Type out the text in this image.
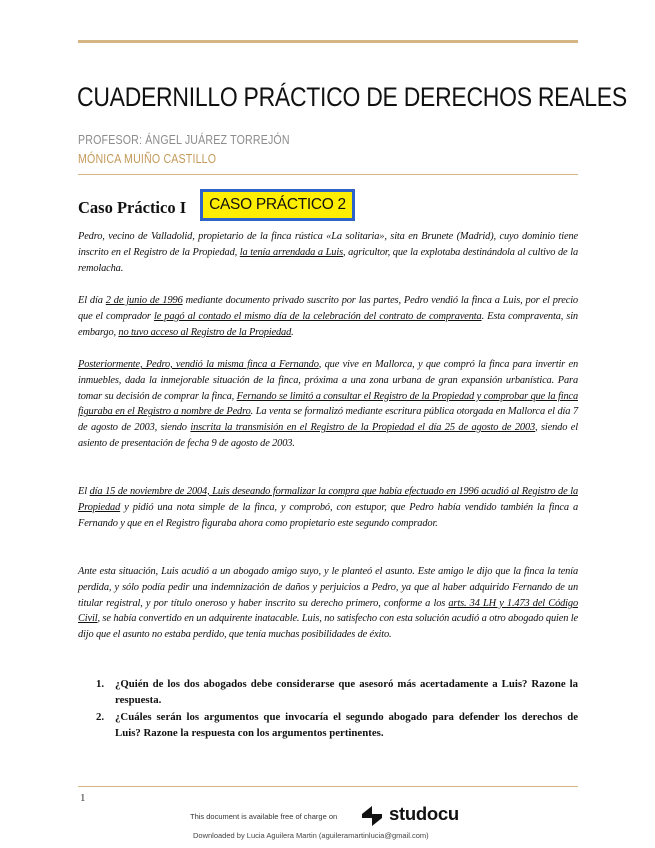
CUADERNILLO PRÁCTICO DE DERECHOS REALES
PROFESOR: ÁNGEL JUÁREZ TORREJÓN
MÓNICA MUIÑO CASTILLO
Caso Práctico I	CASO PRÁCTICO 2

Pedro, vecino de Valladolid, propietario de la finca rústica «La solitaria», sita en Brunete (Madrid), cuyo dominio tiene inscrito en el Registro de la Propiedad, la tenía arrendada a Luis, agricultor, que la explotaba destinándola al cultivo de la remolacha.

El día 2 de junio de 1996 mediante documento privado suscrito por las partes, Pedro vendió la finca a Luis, por el precio que el comprador le pagó al contado el mismo día de la celebración del contrato de compraventa. Esta compraventa, sin embargo, no tuvo acceso al Registro de la Propiedad.

Posteriormente, Pedro, vendió la misma finca a Fernando, que vive en Mallorca, y que compró la finca para invertir en inmuebles, dada la inmejorable situación de la finca, próxima a una zona urbana de gran expansión urbanística. Para tomar su decisión de comprar la finca, Fernando se limitó a consultar el Registro de la Propiedad y comprobar que la finca figuraba en el Registro a nombre de Pedro. La venta se formalizó mediante escritura pública otorgada en Mallorca el día 7 de agosto de 2003, siendo inscrita la transmisión en el Registro de la Propiedad el día 25 de agosto de 2003, siendo el asiento de presentación de fecha 9 de agosto de 2003.

El día 15 de noviembre de 2004, Luis deseando formalizar la compra que había efectuado en 1996 acudió al Registro de la Propiedad y pidió una nota simple de la finca, y comprobó, con estupor, que Pedro había vendido también la finca a Fernando y que en el Registro figuraba ahora como propietario este segundo comprador.

Ante esta situación, Luis acudió a un abogado amigo suyo, y le planteó el asunto. Este amigo le dijo que la finca la tenía perdida, y sólo podía pedir una indemnización de daños y perjuicios a Pedro, ya que al haber adquirido Fernando de un titular registral, y por título oneroso y haber inscrito su derecho primero, conforme a los arts. 34 LH y 1.473 del Código Civil, se había convertido en un adquirente inatacable. Luis, no satisfecho con esta solución acudió a otro abogado quien le dijo que el asunto no estaba perdido, que tenía muchas posibilidades de éxito.

1. ¿Quién de los dos abogados debe considerarse que asesoró más acertadamente a Luis? Razone la respuesta.
2. ¿Cuáles serán los argumentos que invocaría el segundo abogado para defender los derechos de Luis? Razone la respuesta con los argumentos pertinentes.
1
This document is available free of charge on	studocu
Downloaded by Lucia Aguilera Martin (aguileramartinlucia@gmail.com)
